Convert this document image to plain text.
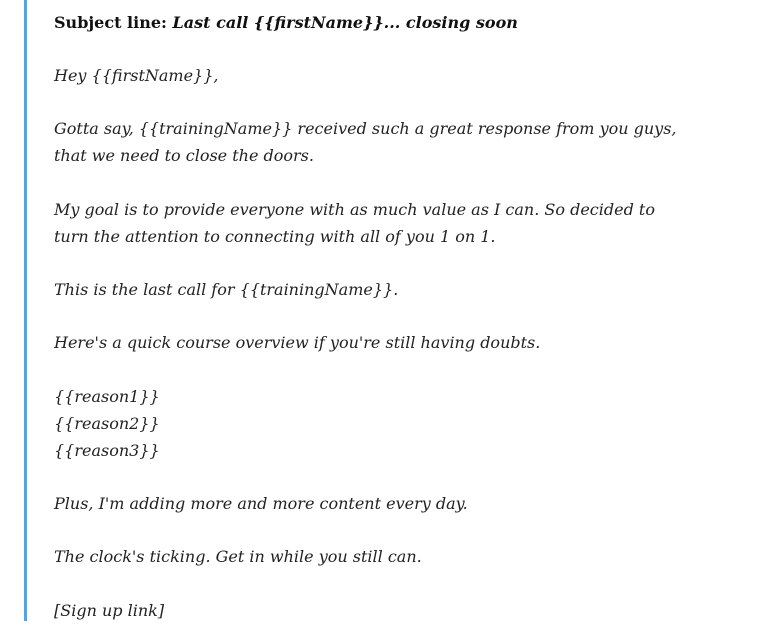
Subject line: Last call {{firstName}}... closing soon

Hey {{firstName}},

Gotta say, {{trainingName}} received such a great response from you guys,

that we need to close the doors.

My goal is to provide everyone with as much value as I can. So decided to

turn the attention to connecting with all of you 1 on 1.

This is the last call for {{trainingName}}.

Here's a quick course overview if you're still having doubts.

{{reason1}}

{{reason2}}

{{reason3}}

Plus, I'm adding more and more content every day.

The clock's ticking. Get in while you still can.

[Sign up link]
